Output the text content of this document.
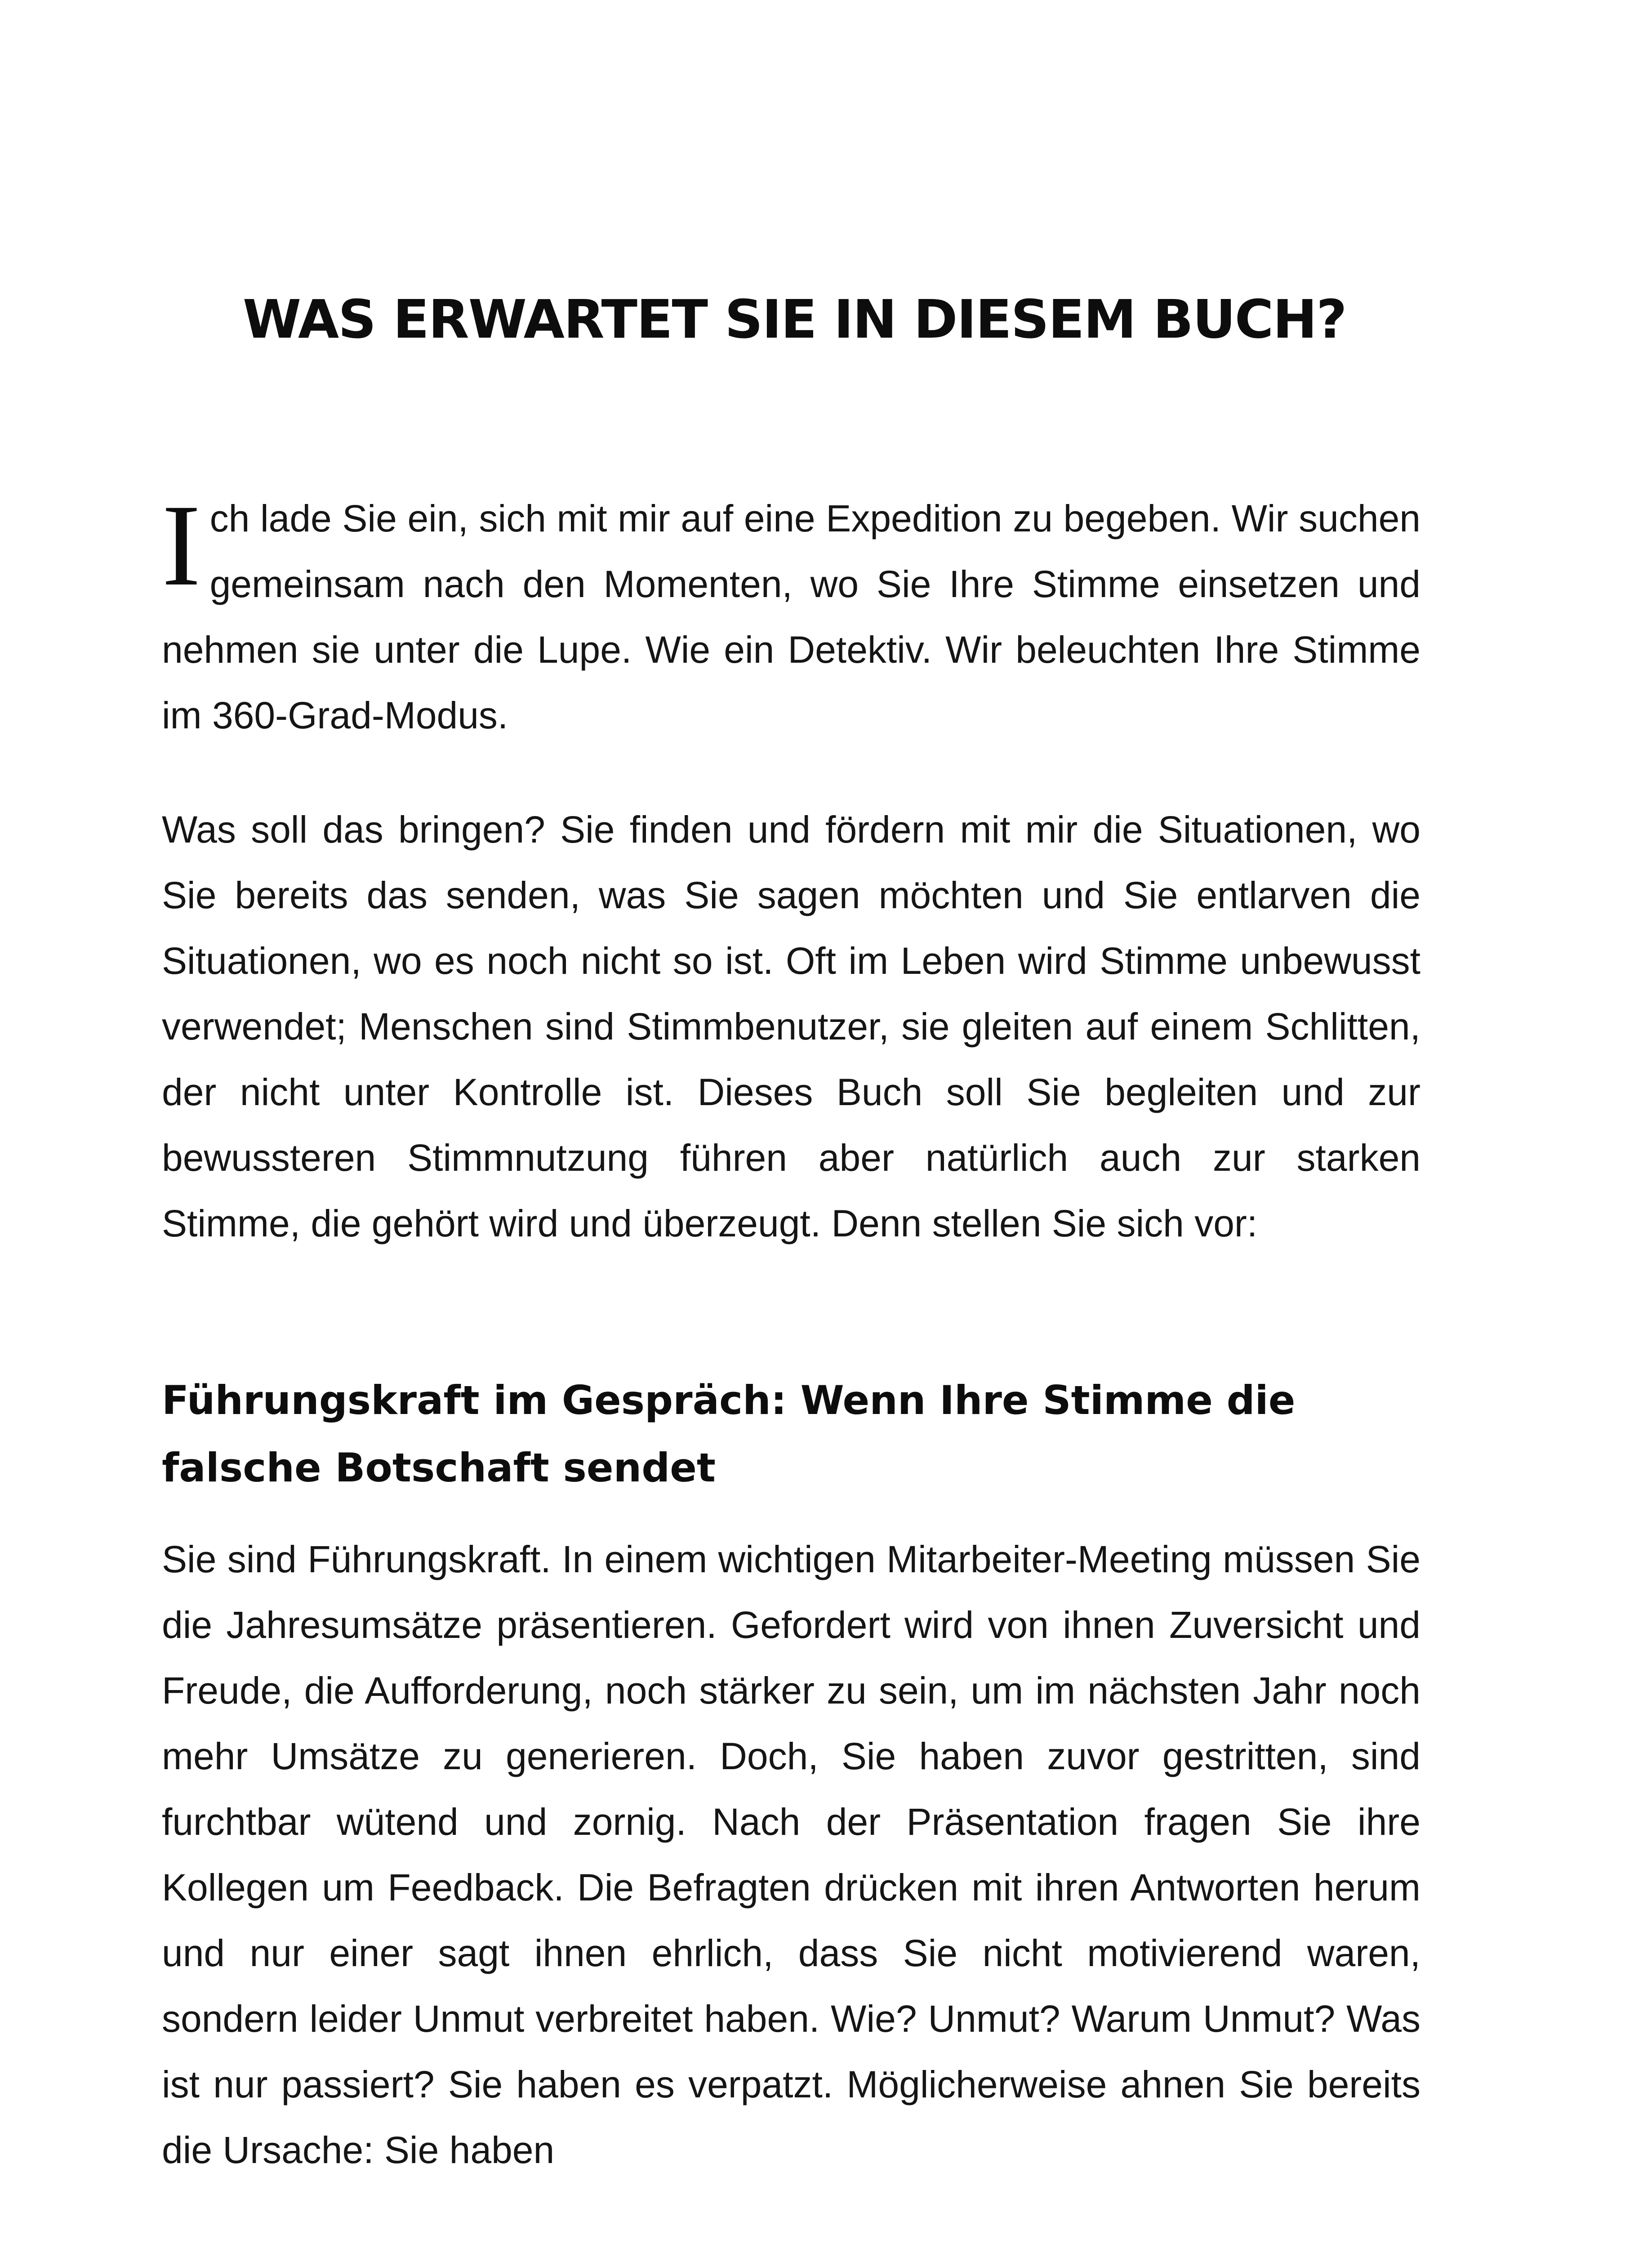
WAS ERWARTET SIE IN DIESEM BUCH?

Ich lade Sie ein, sich mit mir auf eine Expedition zu begeben. Wir suchen gemeinsam nach den Momenten, wo Sie Ihre Stimme einsetzen und nehmen sie unter die Lupe. Wie ein Detektiv. Wir beleuchten Ihre Stimme im 360-Grad-Modus.

Was soll das bringen? Sie finden und fördern mit mir die Situationen, wo Sie bereits das senden, was Sie sagen möchten und Sie entlarven die Situationen, wo es noch nicht so ist. Oft im Leben wird Stimme unbewusst verwendet; Menschen sind Stimmbenutzer, sie gleiten auf einem Schlitten, der nicht unter Kontrolle ist. Dieses Buch soll Sie begleiten und zur bewussteren Stimmnutzung führen aber natürlich auch zur starken Stimme, die gehört wird und überzeugt. Denn stellen Sie sich vor:

Führungskraft im Gespräch: Wenn Ihre Stimme die falsche Botschaft sendet

Sie sind Führungskraft. In einem wichtigen Mitarbeiter-Meeting müssen Sie die Jahresumsätze präsentieren. Gefordert wird von ihnen Zuversicht und Freude, die Aufforderung, noch stärker zu sein, um im nächsten Jahr noch mehr Umsätze zu generieren. Doch, Sie haben zuvor gestritten, sind furchtbar wütend und zornig. Nach der Präsentation fragen Sie ihre Kollegen um Feedback. Die Befragten drücken mit ihren Antworten herum und nur einer sagt ihnen ehrlich, dass Sie nicht motivierend waren, sondern leider Unmut verbreitet haben. Wie? Unmut? Warum Unmut? Was ist nur passiert? Sie haben es verpatzt. Möglicherweise ahnen Sie bereits die Ursache: Sie haben
